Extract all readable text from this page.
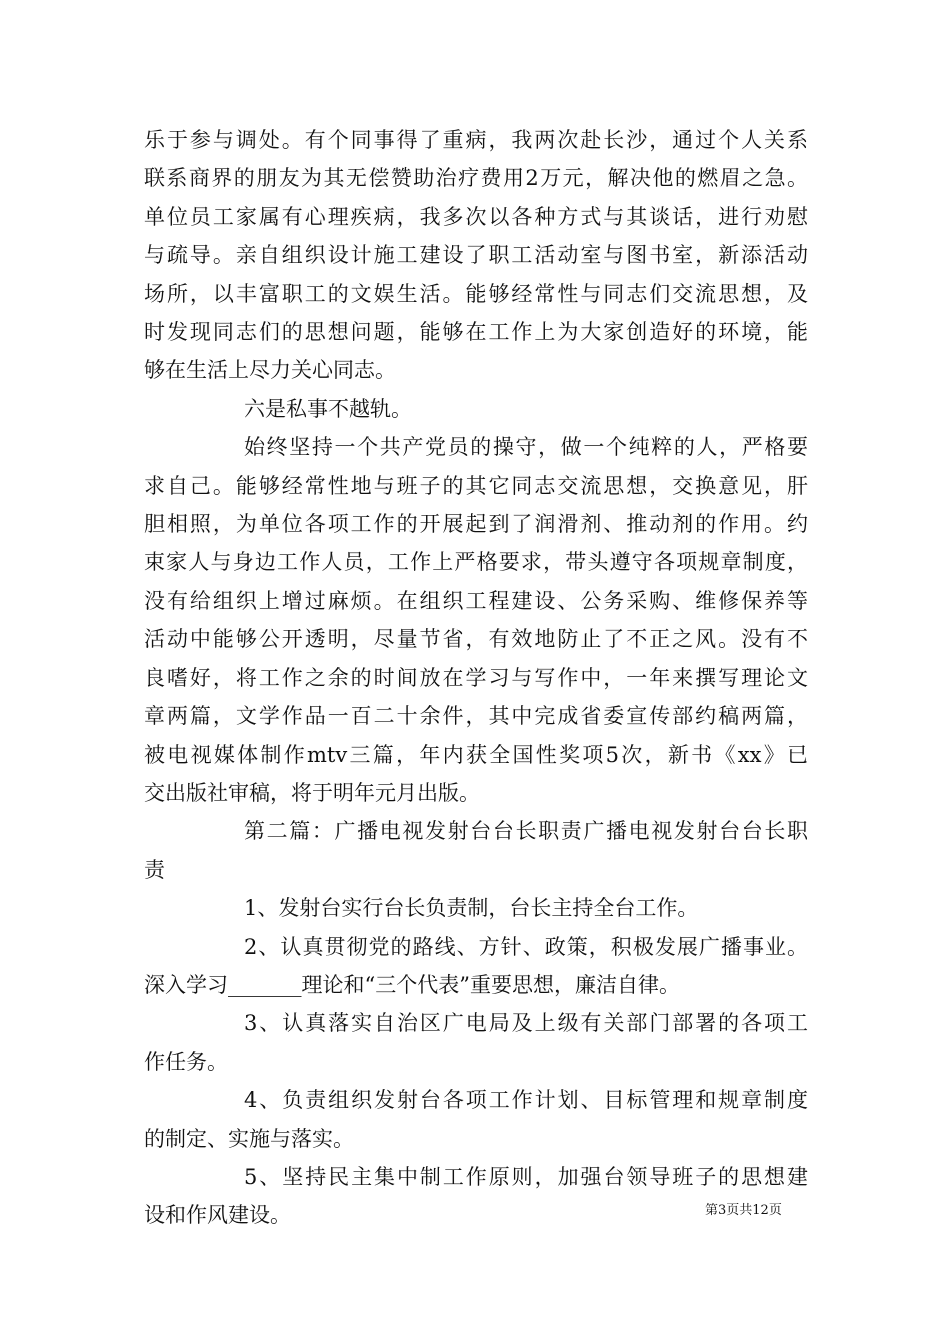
乐于参与调处。有个同事得了重病，我两次赴长沙，通过个人关系
联系商界的朋友为其无偿赞助治疗费用2万元，解决他的燃眉之急。
单位员工家属有心理疾病，我多次以各种方式与其谈话，进行劝慰
与疏导。亲自组织设计施工建设了职工活动室与图书室，新添活动
场所，以丰富职工的文娱生活。能够经常性与同志们交流思想，及
时发现同志们的思想问题，能够在工作上为大家创造好的环境，能
够在生活上尽力关心同志。

六是私事不越轨。

始终坚持一个共产党员的操守，做一个纯粹的人，严格要
求自己。能够经常性地与班子的其它同志交流思想，交换意见，肝
胆相照，为单位各项工作的开展起到了润滑剂、推动剂的作用。约
束家人与身边工作人员，工作上严格要求，带头遵守各项规章制度，
没有给组织上增过麻烦。在组织工程建设、公务采购、维修保养等
活动中能够公开透明，尽量节省，有效地防止了不正之风。没有不
良嗜好，将工作之余的时间放在学习与写作中，一年来撰写理论文
章两篇，文学作品一百二十余件，其中完成省委宣传部约稿两篇，
被电视媒体制作mtv三篇，年内获全国性奖项5次，新书《xx》已
交出版社审稿，将于明年元月出版。

第二篇：广播电视发射台台长职责广播电视发射台台长职
责

1、发射台实行台长负责制，台长主持全台工作。

2、认真贯彻党的路线、方针、政策，积极发展广播事业。
深入学习_______理论和“三个代表”重要思想，廉洁自律。

3、认真落实自治区广电局及上级有关部门部署的各项工
作任务。

4、负责组织发射台各项工作计划、目标管理和规章制度
的制定、实施与落实。

5、坚持民主集中制工作原则，加强台领导班子的思想建
设和作风建设。	第3页共12页
